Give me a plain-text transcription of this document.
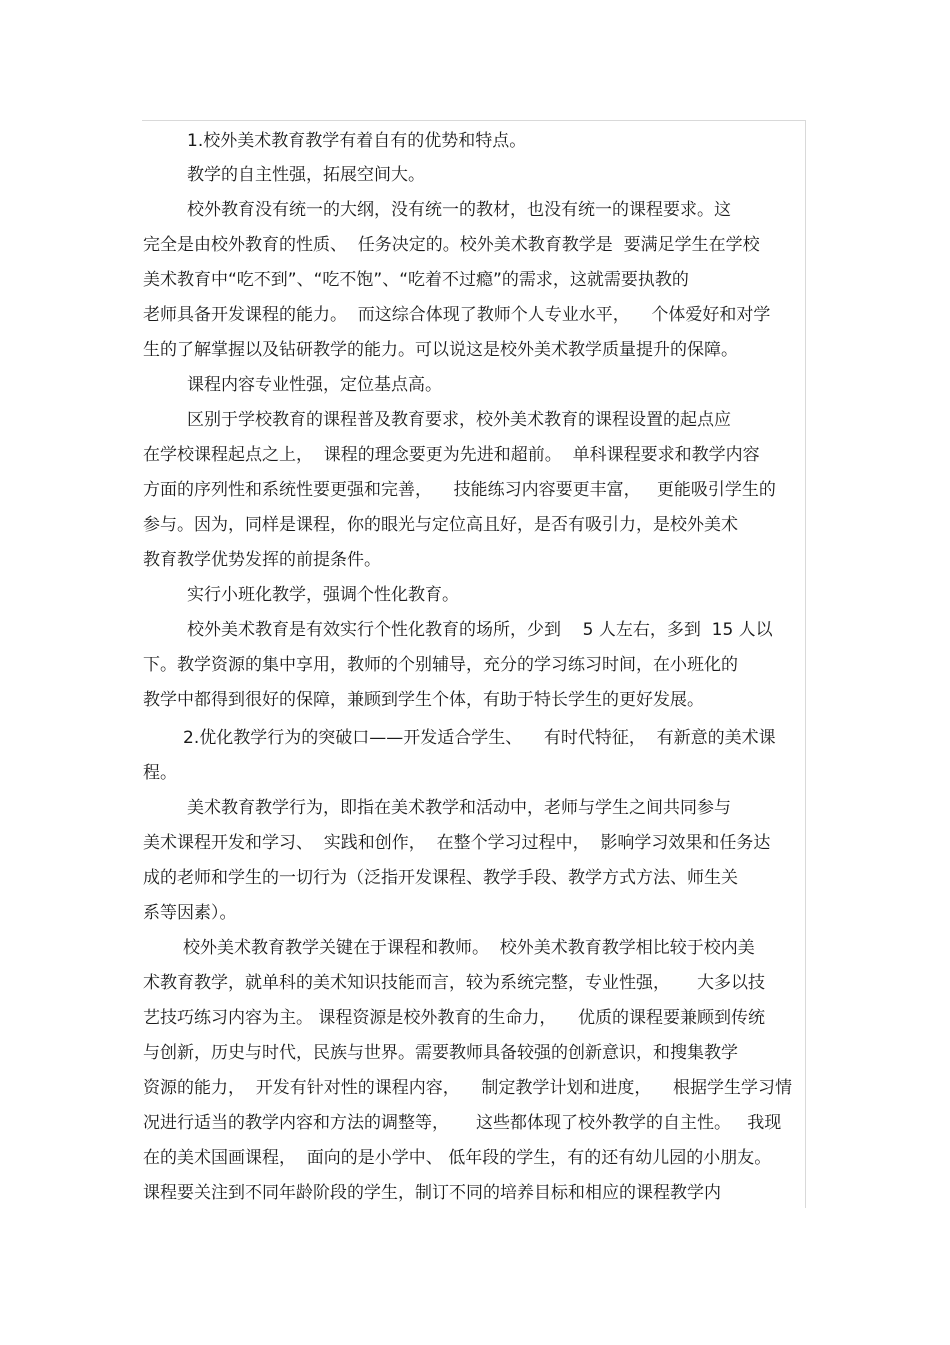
1.校外美术教育教学有着自有的优势和特点。
教学的自主性强，拓展空间大。
校外教育没有统一的大纲，没有统一的教材，也没有统一的课程要求。这
完全是由校外教育的性质、  任务决定的。校外美术教育教学是  要满足学生在学校
美术教育中“吃不到”、“吃不饱”、“吃着不过瘾”的需求，这就需要执教的
老师具备开发课程的能力。  而这综合体现了教师个人专业水平，    个体爱好和对学
生的了解掌握以及钻研教学的能力。可以说这是校外美术教学质量提升的保障。
课程内容专业性强，定位基点高。
区别于学校教育的课程普及教育要求，校外美术教育的课程设置的起点应
在学校课程起点之上，  课程的理念要更为先进和超前。  单科课程要求和教学内容
方面的序列性和系统性要更强和完善，    技能练习内容要更丰富，   更能吸引学生的
参与。因为，同样是课程，你的眼光与定位高且好，是否有吸引力，是校外美术
教育教学优势发挥的前提条件。
实行小班化教学，强调个性化教育。
校外美术教育是有效实行个性化教育的场所，少到    5 人左右，多到  15 人以
下。教学资源的集中享用，教师的个别辅导，充分的学习练习时间，在小班化的
教学中都得到很好的保障，兼顾到学生个体，有助于特长学生的更好发展。
2.优化教学行为的突破口——开发适合学生、    有时代特征，  有新意的美术课
程。
美术教育教学行为，即指在美术教学和活动中，老师与学生之间共同参与
美术课程开发和学习、  实践和创作，  在整个学习过程中，  影响学习效果和任务达
成的老师和学生的一切行为（泛指开发课程、教学手段、教学方式方法、师生关
系等因素）。
校外美术教育教学关键在于课程和教师。  校外美术教育教学相比较于校内美
术教育教学，就单科的美术知识技能而言，较为系统完整，专业性强，     大多以技
艺技巧练习内容为主。 课程资源是校外教育的生命力，    优质的课程要兼顾到传统
与创新，历史与时代，民族与世界。需要教师具备较强的创新意识，和搜集教学
资源的能力，  开发有针对性的课程内容，    制定教学计划和进度，    根据学生学习情
况进行适当的教学内容和方法的调整等，     这些都体现了校外教学的自主性。   我现
在的美术国画课程，  面向的是小学中、 低年段的学生，有的还有幼儿园的小朋友。
课程要关注到不同年龄阶段的学生，制订不同的培养目标和相应的课程教学内
